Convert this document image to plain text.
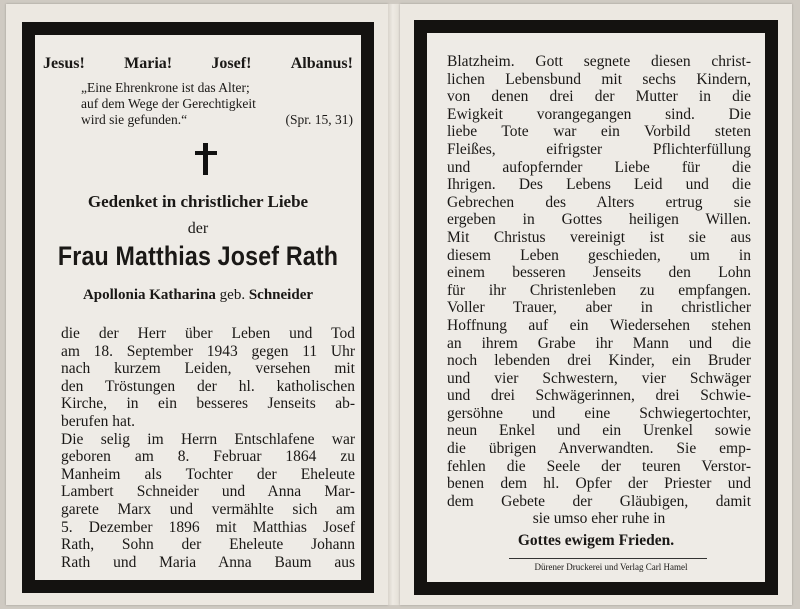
Jesus! Maria! Josef! Albanus!
„Eine Ehrenkrone ist das Alter;
auf dem Wege der Gerechtigkeit
wird sie gefunden.“	(Spr. 15, 31)
Gedenket in christlicher Liebe
der
Frau Matthias Josef Rath
Apollonia Katharina geb. Schneider
die der Herr über Leben und Tod
am 18. September 1943 gegen 11 Uhr
nach kurzem Leiden, versehen mit
den Tröstungen der hl. katholischen
Kirche, in ein besseres Jenseits ab-
berufen hat.
Die selig im Herrn Entschlafene war
geboren am 8. Februar 1864 zu
Manheim als Tochter der Eheleute
Lambert Schneider und Anna Mar-
garete Marx und vermählte sich am
5. Dezember 1896 mit Matthias Josef
Rath, Sohn der Eheleute Johann
Rath und Maria Anna Baum aus
Blatzheim. Gott segnete diesen christ-
lichen Lebensbund mit sechs Kindern,
von denen drei der Mutter in die
Ewigkeit vorangegangen sind. Die
liebe Tote war ein Vorbild steten
Fleißes, eifrigster Pflichterfüllung
und aufopfernder Liebe für die
Ihrigen. Des Lebens Leid und die
Gebrechen des Alters ertrug sie
ergeben in Gottes heiligen Willen.
Mit Christus vereinigt ist sie aus
diesem Leben geschieden, um in
einem besseren Jenseits den Lohn
für ihr Christenleben zu empfangen.
Voller Trauer, aber in christlicher
Hoffnung auf ein Wiedersehen stehen
an ihrem Grabe ihr Mann und die
noch lebenden drei Kinder, ein Bruder
und vier Schwestern, vier Schwäger
und drei Schwägerinnen, drei Schwie-
gersöhne und eine Schwiegertochter,
neun Enkel und ein Urenkel sowie
die übrigen Anverwandten. Sie emp-
fehlen die Seele der teuren Verstor-
benen dem hl. Opfer der Priester und
dem Gebete der Gläubigen, damit
sie umso eher ruhe in
Gottes ewigem Frieden.
Dürener Druckerei und Verlag Carl Hamel
